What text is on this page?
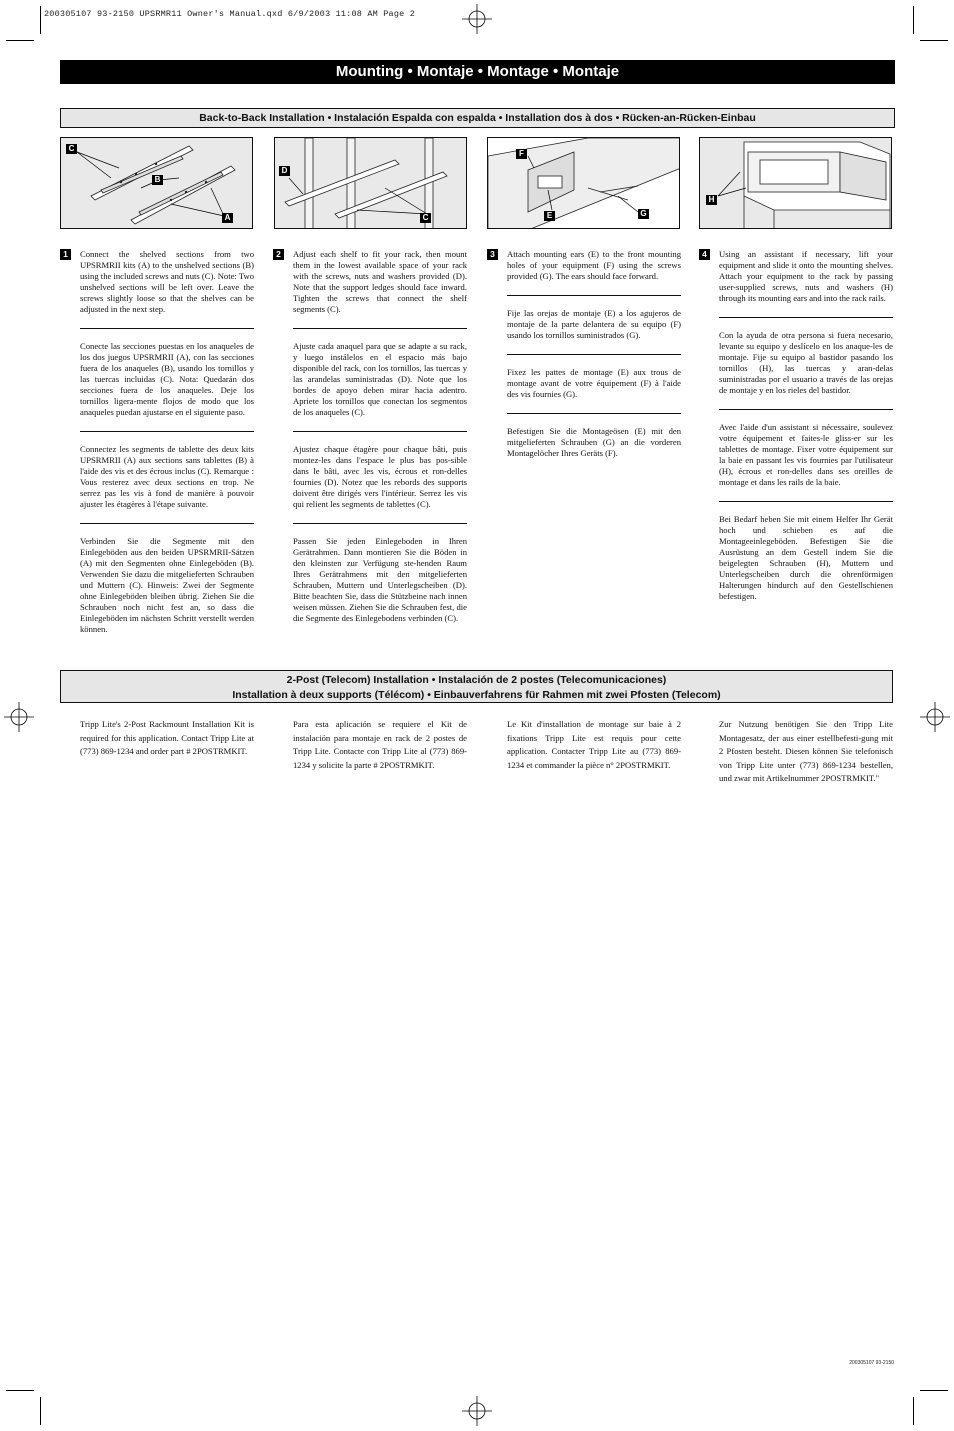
200305107 93-2150 UPSRMR11 Owner's Manual.qxd 6/9/2003 11:08 AM Page 2
Mounting • Montaje • Montage • Montaje
Back-to-Back Installation • Instalación Espalda con espalda • Installation dos à dos • Rücken-an-Rücken-Einbau
C
B
A
D
C
F
E	G
H
1	2	3	4

Connect the shelved sections from two UPSRMRII kits (A) to the unshelved sections (B) using the included screws and nuts (C). Note: Two unshelved sections will be left over. Leave the screws slightly loose so that the shelves can be adjusted in the next step.

Conecte las secciones puestas en los anaqueles de los dos juegos UPSRMRII (A), con las secciones fuera de los anaqueles (B), usando los tornillos y las tuercas incluidas (C). Nota: Quedarán dos secciones fuera de los anaqueles. Deje los tornillos ligera-mente flojos de modo que los anaqueles puedan ajustarse en el siguiente paso.

Connectez les segments de tablette des deux kits UPSRMRII (A) aux sections sans tablettes (B) à l'aide des vis et des écrous inclus (C). Remarque : Vous resterez avec deux sections en trop. Ne serrez pas les vis à fond de manière à pouvoir ajuster les étagères à l'étape suivante.

Verbinden Sie die Segmente mit den Einlegeböden aus den beiden UPSRMRII-Sätzen (A) mit den Segmenten ohne Einlegeböden (B). Verwenden Sie dazu die mitgelieferten Schrauben und Muttern (C). Hinweis: Zwei der Segmente ohne Einlegeböden bleiben übrig. Ziehen Sie die Schrauben noch nicht fest an, so dass die Einlegeböden im nächsten Schritt verstellt werden können.

Adjust each shelf to fit your rack, then mount them in the lowest available space of your rack with the screws, nuts and washers provided (D). Note that the support ledges should face inward. Tighten the screws that connect the shelf segments (C).

Ajuste cada anaquel para que se adapte a su rack, y luego instálelos en el espacio más bajo disponible del rack, con los tornillos, las tuercas y las arandelas suministradas (D). Note que los bordes de apoyo deben mirar hacia adentro. Apriete los tornillos que conectan los segmentos de los anaqueles (C).

Ajustez chaque étagère pour chaque bâti, puis montez-les dans l'espace le plus bas pos-sible dans le bâti, avec les vis, écrous et ron-delles fournies (D). Notez que les rebords des supports doivent être dirigés vers l'intérieur. Serrez les vis qui relient les segments de tablettes (C).

Passen Sie jeden Einlegeboden in Ihren Gerätrahmen. Dann montieren Sie die Böden in den kleinsten zur Verfügung ste-henden Raum Ihres Gerätrahmens mit den mitgelieferten Schrauben, Muttern und Unterlegscheiben (D). Bitte beachten Sie, dass die Stützbeine nach innen weisen müssen. Ziehen Sie die Schrauben fest, die die Segmente des Einlegebodens verbinden (C).

Attach mounting ears (E) to the front mounting holes of your equipment (F) using the screws provided (G). The ears should face forward.

Fije las orejas de montaje (E) a los agujeros de montaje de la parte delantera de su equipo (F) usando los tornillos suministrados (G).

Fixez les pattes de montage (E) aux trous de montage avant de votre équipement (F) à l'aide des vis fournies (G).

Befestigen Sie die Montageösen (E) mit den mitgelieferten Schrauben (G) an die vorderen Montagelöcher Ihres Geräts (F).

Using an assistant if necessary, lift your equipment and slide it onto the mounting shelves. Attach your equipment to the rack by passing user-supplied screws, nuts and washers (H) through its mounting ears and into the rack rails.

Con la ayuda de otra persona si fuera necesario, levante su equipo y deslícelo en los anaque-les de montaje. Fije su equipo al bastidor pasando los tornillos (H), las tuercas y aran-delas suministradas por el usuario a través de las orejas de montaje y en los rieles del bastidor.

Avec l'aide d'un assistant si nécessaire, soulevez votre équipement et faites-le gliss-er sur les tablettes de montage. Fixer votre équipement sur la baie en passant les vis fournies par l'utilisateur (H), écrous et ron-delles dans ses oreilles de montage et dans les rails de la baie.

Bei Bedarf heben Sie mit einem Helfer Ihr Gerät hoch und schieben es auf die Montageeinlegeböden. Befestigen Sie die Ausrüstung an dem Gestell indem Sie die beigelegten Schrauben (H), Muttern und Unterlegscheiben durch die ohrenförmigen Halterungen hindurch auf den Gestellschienen befestigen.

2-Post (Telecom) Installation • Instalación de 2 postes (Telecomunicaciones)
Installation à deux supports (Télécom) • Einbauverfahrens für Rahmen mit zwei Pfosten (Telecom)
Tripp Lite's 2-Post Rackmount Installation Kit is required for this application. Contact Tripp Lite at (773) 869-1234 and order part # 2POSTRMKIT.
Para esta aplicación se requiere el Kit de instalación para montaje en rack de 2 postes de Tripp Lite. Contacte con Tripp Lite al (773) 869-1234 y solicite la parte # 2POSTRMKIT.
Le Kit d'installation de montage sur baie à 2 fixations Tripp Lite est requis pour cette application. Contacter Tripp Lite au (773) 869-1234 et commander la pièce n° 2POSTRMKIT.
Zur Nutzung benötigen Sie den Tripp Lite Montagesatz, der aus einer estellbefesti-gung mit 2 Pfosten besteht. Diesen können Sie telefonisch von Tripp Lite unter (773) 869-1234 bestellen, und zwar mit Artikelnummer 2POSTRMKIT."
200305107 93-2150
